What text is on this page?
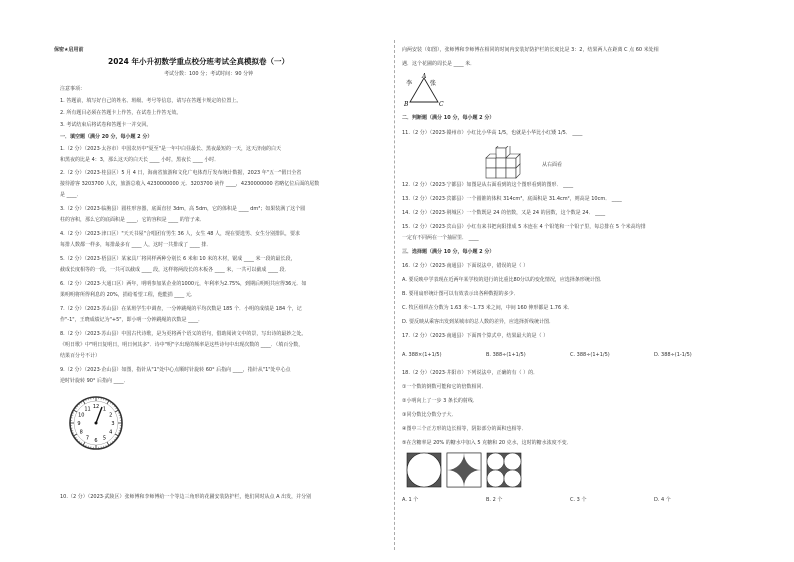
保密★启用前
2024 年小升初数学重点校分班考试全真模拟卷（一）
考试分数：100 分；考试时间：90 分钟
注意事项：
1. 答题前，填写好自己的姓名、班级、考号等信息，请写在答题卡规定的位置上。
2. 所有题目必须在答题卡上作答，在试卷上作答无效。
3. 考试结束后将试卷和答题卡一并交回。
一．填空题（满分 20 分，每小题 2 分）
1.（2 分）（2023·太谷市）中国农历中"夏至"是一年中白昼最长、黑夜最短的一天，这天济南的白天
和黑夜的比是 4：3，那么这天的白天长 ____ 小时，黑夜长 ____ 小时．
2.（2 分）（2023·桂县区）5 月 4 日，海南省旅游和文化广电体育厅发布统计数据，2023 年"五一"假日全省
接待游客 3203700 人次，旅游总收入 4230000000 元．3203700 读作 ____，4230000000 省略亿位后面的尾数
是 ____．
3.（2 分）（2023·临朐县）圆柱形容器，底面直径 3dm，高 5dm，它的体积是 ____ dm³；如果装满了这个圆
柱的容积，那么它的底面积是 ____，它的容积是 ____ 的管子来．
4.（2 分）（2023·津口区）"天天书屋"合唱团有男生 36 人，女生 48 人，现在要选男、女生分别排队，要求
每排人数都一样多，每排最多有 ____ 人，这时一共排成了 ____ 排．
5.（2 分）（2023·梧县区）某家具厂将同样两种分别长 6 米和 10 米的木材，锯成 ____ 米一段的最长段，
截成长度相等的一段，一共可以截成 ____ 段，这样将两段长的木板各 ____ 米，一共可以截成 ____ 段．
6.（2 分）（2023·大通口区）两年，明明参加某企业的1000元，年利率为2.75%，到期后明明共应得36元．如
果明明将所得利息的 20%，捐给希望工程，他能捐 ____ 元．
7.（2 分）（2023·苏山县）在某班学生中调查，一分钟跳绳的平均次数是 185 个．小明的成绩是 184 个，记
作"-1"，王晓成绩记为"+5"，即小明一分钟跳绳的次数是 ____．
8.（2 分）（2023·苏山县）中国古代诗歌，是为更将两个语义的语句，借助阅读文中的景，写出诗的最妙之处。
《明日歌》中"明日复明日，明日何其多"．诗中"明"字出现的频率是这些诗句中出现次数的 ____．（填百分数，
结果百分号不计）
9.（2 分）（2023·企山县）如图，指针从"1"处中心点顺时针旋转 60° 后指向 ____，指针从"1"处中心点
逆时针旋转 90° 后指向 ____．
12 1
2
3
4
5
6
7
8
9
10
11
10.（2 分）（2023·武陵区）张师傅和李师傅给一个等边三角形的花圃安装防护栏，他们同时从点 A 出发，并分别
向两安装（如图），张师傅和李师傅在相同的时间内安装好防护栏的长度比是 3：2，结果两人在距离 C 点 60 米处相
遇．这个花圃的周长是 ____ 米．
A
B	C
李	张
二．判断题（满分 10 分，每小题 2 分）
11.（2 分）（2023·赣州市）小红比小华高 1/5，也就是小华比小红矮 1/5． ____
从右面看
12.（2 分）（2023·宁都县）如图是从右面看到的这个图形看到的图形． ____
13.（2 分）（2023·宾都县）一个圆锥的体积 314cm³，底面积是 31.4cm²，则高是 10cm． ____
14.（2 分）（2023·荆城区）一个数既是 24 的倍数，又是 24 的因数，这个数是 24． ____
15.（2 分）（2023·宾山县）小红有来书把向阳排成 5 本连在 4 个铅笔和一个铅子里，每总排在 5 个米高均排
一定有不同两在一个抽屉里． ____
三．选择题（满分 10 分，每小题 2 分）
16.（2 分）（2023·南通县）下面说法中，错误的是（ ）
A. 要反映中学表现在近两年某学校的进行的比重比80分以的变化情况，应选择条形统计图．
B. 要用扇形统计图可以有效表示出各种数据的多少．
C. 牧区组织在分数为 1.63 米～1.73 米之间，中间 160 伸形都是 1.76 米．
D. 要反映从乘客出发到某城市的总人数的差异，应选择折线统计图．
17.（2 分）（2023·南通县）下面四个算式中，结果最大的是（ ）
A. 388×(1+1/5)	B. 388÷(1+1/5)	C. 388÷(1+1/5)	D. 388÷(1-1/5)
18.（2 分）（2023·井阳市）下列说法中，正确的有（ ）的．
①一个数的倒数可能和它的倍数相同．
②小明向上了一步 3 条长的射线．
③同分数比分数分子大．
④图中三个正方形的边长相等，阴影部分的面积也相等．
⑤在含糖率是 20% 的糖水中加入 5 克糖和 20 克水，这时的糖水浓度不变．
A. 1 个	B. 2 个	C. 3 个	D. 4 个
